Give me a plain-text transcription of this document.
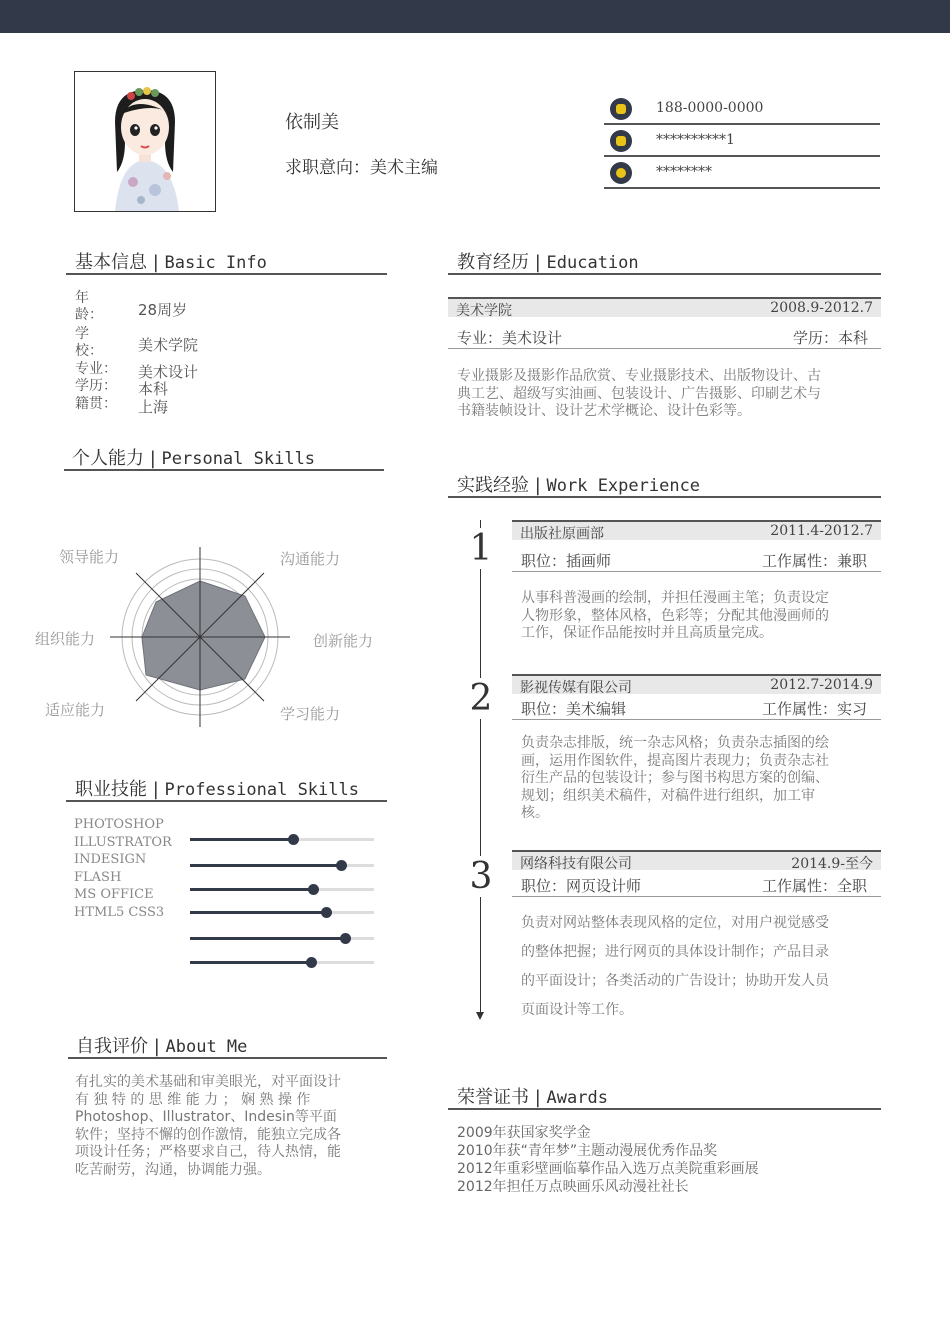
依制美
求职意向：美术主编
188-0000-0000
**********1
********
基本信息 | Basic Info
年龄： 28周岁
学校： 美术学院
专业： 美术设计
学历： 本科
籍贯： 上海
个人能力 | Personal Skills
领导能力	沟通能力
创新能力
学习能力
适应能力
组织能力
职业技能 | Professional Skills
PHOTOSHOP
ILLUSTRATOR
INDESIGN
FLASH
MS OFFICE
HTML5 CSS3
自我评价 | About Me
有扎实的美术基础和审美眼光，对平面设计
有 独 特 的 思 维 能 力 ； 娴 熟 操 作
Photoshop、Illustrator、Indesin等平面
软件；坚持不懈的创作激情，能独立完成各
项设计任务；严格要求自己，待人热情，能
吃苦耐劳，沟通，协调能力强。
教育经历 | Education
美术学院	2008.9-2012.7
专业：美术设计	学历：本科
专业摄影及摄影作品欣赏、专业摄影技术、出版物设计、古
典工艺、超级写实油画、包装设计、广告摄影、印刷艺术与
书籍装帧设计、设计艺术学概论、设计色彩等。
实践经验 | Work Experience
1 出版社原画部	2011.4-2012.7
职位：插画师	工作属性：兼职
从事科普漫画的绘制，并担任漫画主笔；负责设定
人物形象，整体风格，色彩等；分配其他漫画师的
工作，保证作品能按时并且高质量完成。
2 影视传媒有限公司	2012.7-2014.9
职位：美术编辑	工作属性：实习
负责杂志排版，统一杂志风格；负责杂志插图的绘
画，运用作图软件，提高图片表现力；负责杂志社
衍生产品的包装设计；参与图书构思方案的创编、
规划；组织美术稿件，对稿件进行组织，加工审
核。
3 网络科技有限公司	2014.9-至今
职位：网页设计师	工作属性：全职
负责对网站整体表现风格的定位，对用户视觉感受
的整体把握；进行网页的具体设计制作；产品目录
的平面设计；各类活动的广告设计；协助开发人员
页面设计等工作。
荣誉证书 | Awards
2009年获国家奖学金
2010年获“青年梦”主题动漫展优秀作品奖
2012年重彩壁画临摹作品入选万点美院重彩画展
2012年担任万点映画乐风动漫社社长
